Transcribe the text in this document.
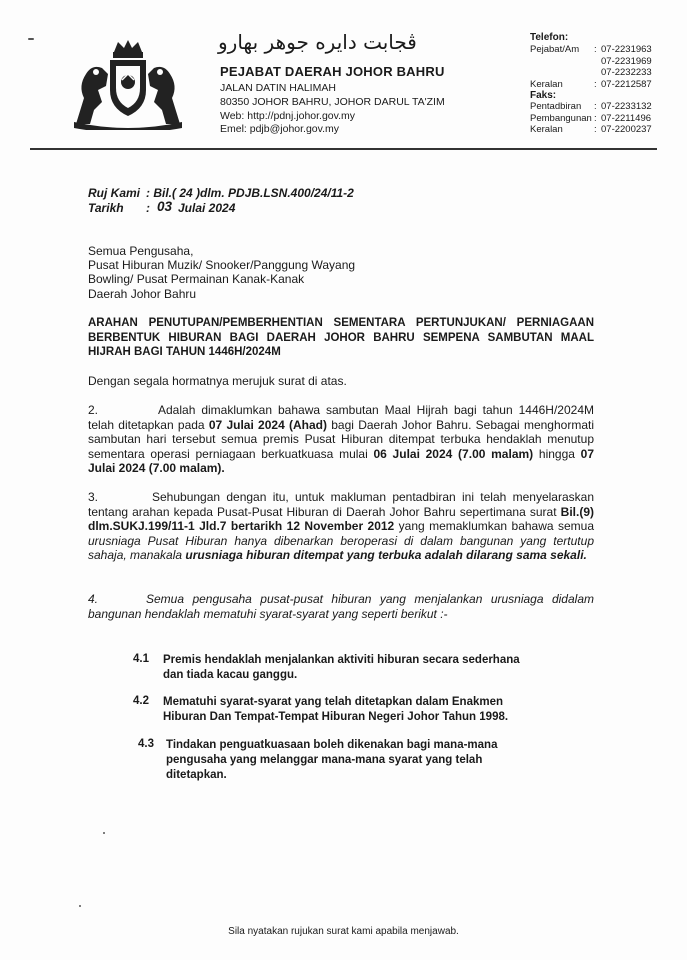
ڤجابت دايره جوهر بهارو
PEJABAT DAERAH JOHOR BAHRU
JALAN DATIN HALIMAH
80350 JOHOR BAHRU, JOHOR DARUL TA'ZIM
Web: http://pdnj.johor.gov.my
Emel: pdjb@johor.gov.my
Telefon:
Pejabat/Am : 07-2231963
07-2231969
07-2232233
Keralan	: 07-2212587
Faks:
Pentadbiran : 07-2233132
Pembangunan : 07-2211496
Keralan	: 07-2200237
Ruj Kami : Bil.( 24 )dlm. PDJB.LSN.400/24/11-2
Tarikh : 03 Julai 2024
Semua Pengusaha,
Pusat Hiburan Muzik/ Snooker/Panggung Wayang
Bowling/ Pusat Permainan Kanak-Kanak
Daerah Johor Bahru
ARAHAN PENUTUPAN/PEMBERHENTIAN SEMENTARA PERTUNJUKAN/ PERNIAGAAN BERBENTUK HIBURAN BAGI DAERAH JOHOR BAHRU SEMPENA SAMBUTAN MAAL HIJRAH BAGI TAHUN 1446H/2024M
Dengan segala hormatnya merujuk surat di atas.
2.	Adalah dimaklumkan bahawa sambutan Maal Hijrah bagi tahun 1446H/2024M telah ditetapkan pada 07 Julai 2024 (Ahad) bagi Daerah Johor Bahru. Sebagai menghormati sambutan hari tersebut semua premis Pusat Hiburan ditempat terbuka hendaklah menutup sementara operasi perniagaan berkuatkuasa mulai 06 Julai 2024 (7.00 malam) hingga 07 Julai 2024 (7.00 malam).
3.	Sehubungan dengan itu, untuk makluman pentadbiran ini telah menyelaraskan tentang arahan kepada Pusat-Pusat Hiburan di Daerah Johor Bahru sepertimana surat Bil.(9) dlm.SUKJ.199/11-1 Jld.7 bertarikh 12 November 2012 yang memaklumkan bahawa semua urusniaga Pusat Hiburan hanya dibenarkan beroperasi di dalam bangunan yang tertutup sahaja, manakala urusniaga hiburan ditempat yang terbuka adalah dilarang sama sekali.
4.	Semua pengusaha pusat-pusat hiburan yang menjalankan urusniaga didalam bangunan hendaklah mematuhi syarat-syarat yang seperti berikut :-
4.1 Premis hendaklah menjalankan aktiviti hiburan secara sederhana dan tiada kacau ganggu.
4.2 Mematuhi syarat-syarat yang telah ditetapkan dalam Enakmen Hiburan Dan Tempat-Tempat Hiburan Negeri Johor Tahun 1998.
4.3 Tindakan penguatkuasaan boleh dikenakan bagi mana-mana pengusaha yang melanggar mana-mana syarat yang telah ditetapkan.
Sila nyatakan rujukan surat kami apabila menjawab.
